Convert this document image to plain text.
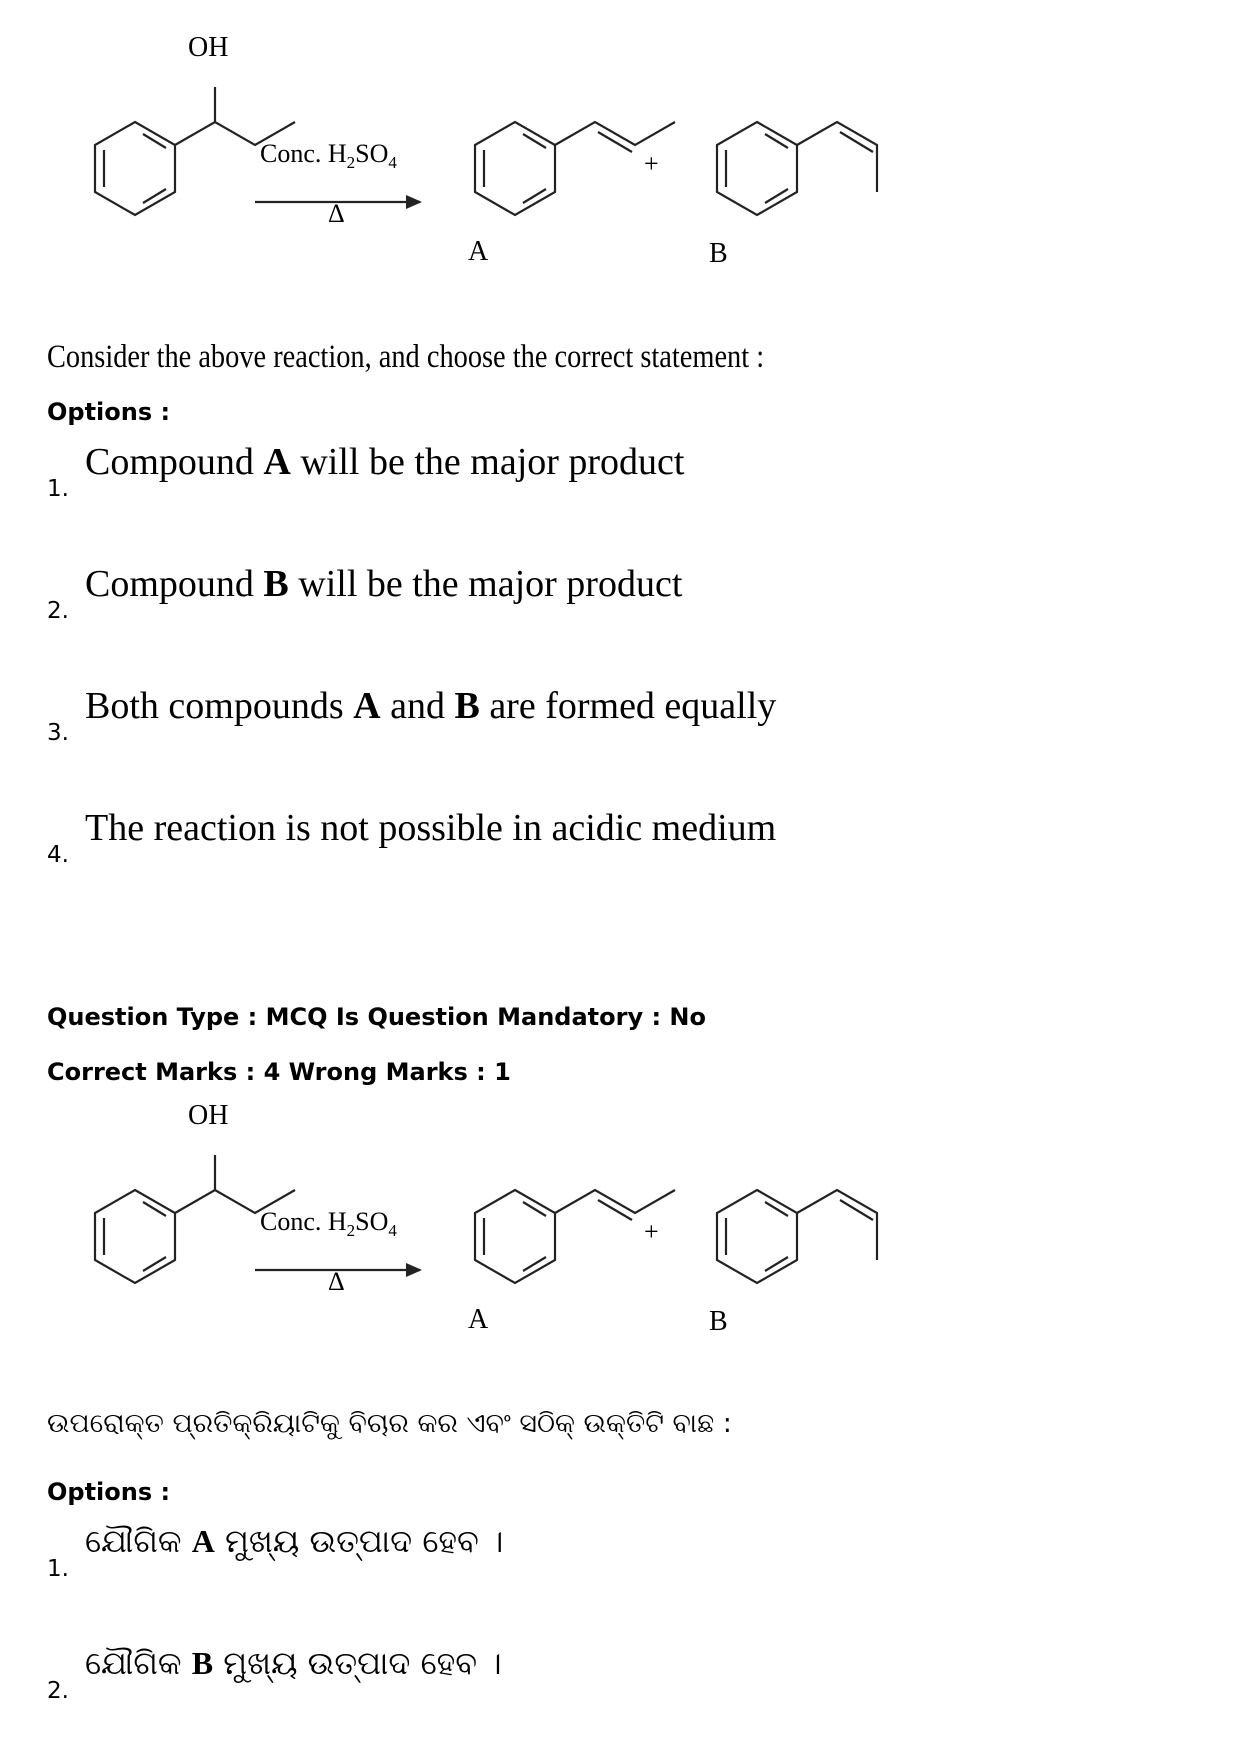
OH
Conc. $H_2SO_4$
Δ
+
A	B
Consider the above reaction, and choose the correct statement :
Options :
1.
Compound A will be the major product
2.
Compound B will be the major product
3.
Both compounds A and B are formed equally
4.
The reaction is not possible in acidic medium
Question Type : MCQ Is Question Mandatory : No
Correct Marks : 4 Wrong Marks : 1
OH
Conc. $H_2SO_4$
Δ
+
A	B
ଉପରୋକ୍ତ ପ୍ରତିକ୍ରିୟାଟିକୁ ବିଚାର କର ଏବଂ ସଠିକ୍ ଉକ୍ତିଟି ବାଛ :
Options :
1.
ଯୌଗିକ A ମୁଖ୍ୟ ଉତ୍ପାଦ ହେବ ।
2.
ଯୌଗିକ B ମୁଖ୍ୟ ଉତ୍ପାଦ ହେବ ।
